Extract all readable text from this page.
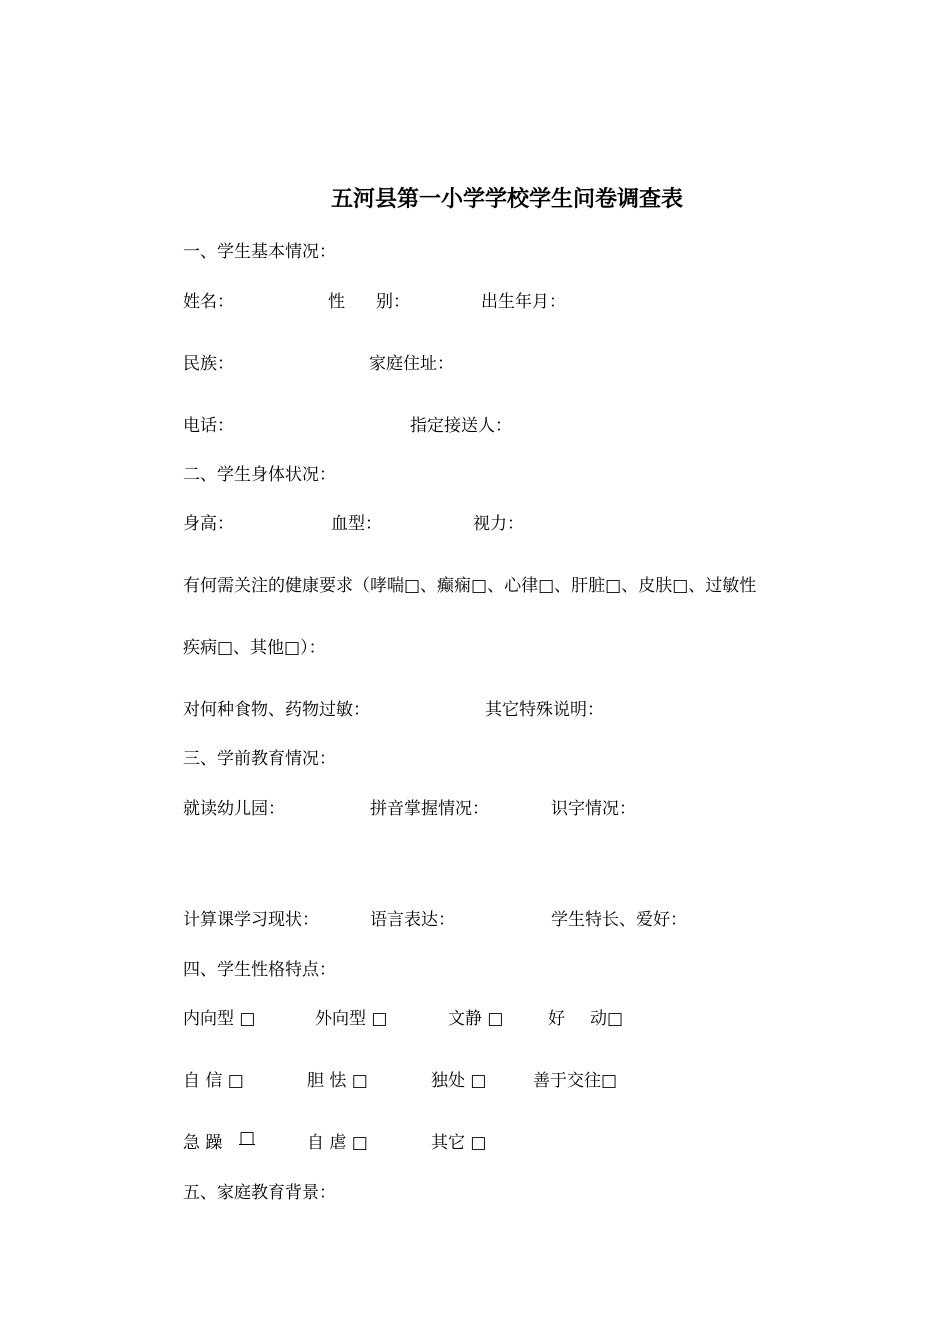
五河县第一小学学校学生问卷调查表
一、学生基本情况：
姓名：	性 别：	出生年月：
民族：	家庭住址：
电话：	指定接送人：
二、学生身体状况：
身高：	血型：	视力：
有何需关注的健康要求（哮喘□、癫痫□、心律□、肝脏□、皮肤□、过敏性
疾病□、其他□）：
对何种食物、药物过敏：	其它特殊说明：
三、学前教育情况：
就读幼儿园：	拼音掌握情况：	识字情况：
计算课学习现状：	语言表达：	学生特长、爱好：
四、学生性格特点：
内向型 □	外向型 □	文静 □	好 动□
自 信 □	胆 怯 □	独处 □	善于交往□
急 躁 □	自 虐 □	其它 □
五、家庭教育背景：
